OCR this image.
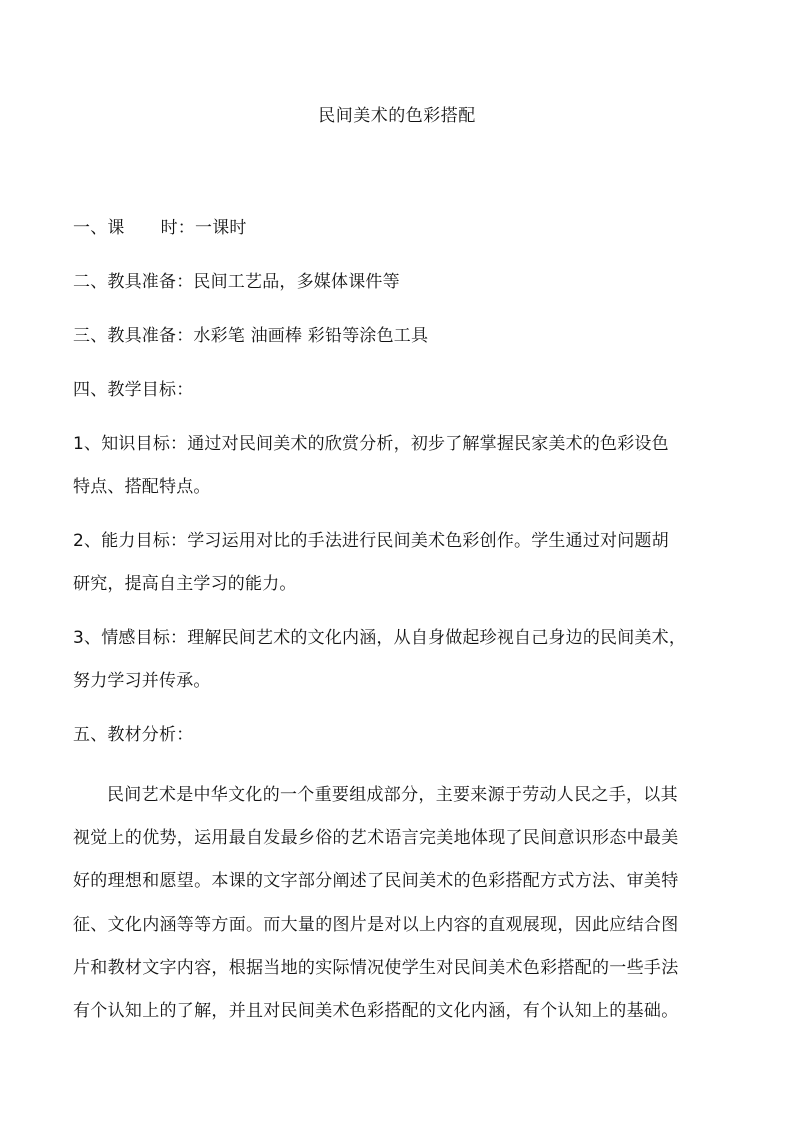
民间美术的色彩搭配
一、课 时：一课时
二、教具准备：民间工艺品，多媒体课件等
三、教具准备：水彩笔 油画棒 彩铅等涂色工具
四、教学目标：
1、知识目标：通过对民间美术的欣赏分析，初步了解掌握民家美术的色彩设色
特点、搭配特点。
2、能力目标：学习运用对比的手法进行民间美术色彩创作。学生通过对问题胡
研究，提高自主学习的能力。
3、情感目标：理解民间艺术的文化内涵，从自身做起珍视自己身边的民间美术，
努力学习并传承。
五、教材分析：
民间艺术是中华文化的一个重要组成部分，主要来源于劳动人民之手，以其
视觉上的优势，运用最自发最乡俗的艺术语言完美地体现了民间意识形态中最美
好的理想和愿望。本课的文字部分阐述了民间美术的色彩搭配方式方法、审美特
征、文化内涵等等方面。而大量的图片是对以上内容的直观展现，因此应结合图
片和教材文字内容，根据当地的实际情况使学生对民间美术色彩搭配的一些手法
有个认知上的了解，并且对民间美术色彩搭配的文化内涵，有个认知上的基础。
